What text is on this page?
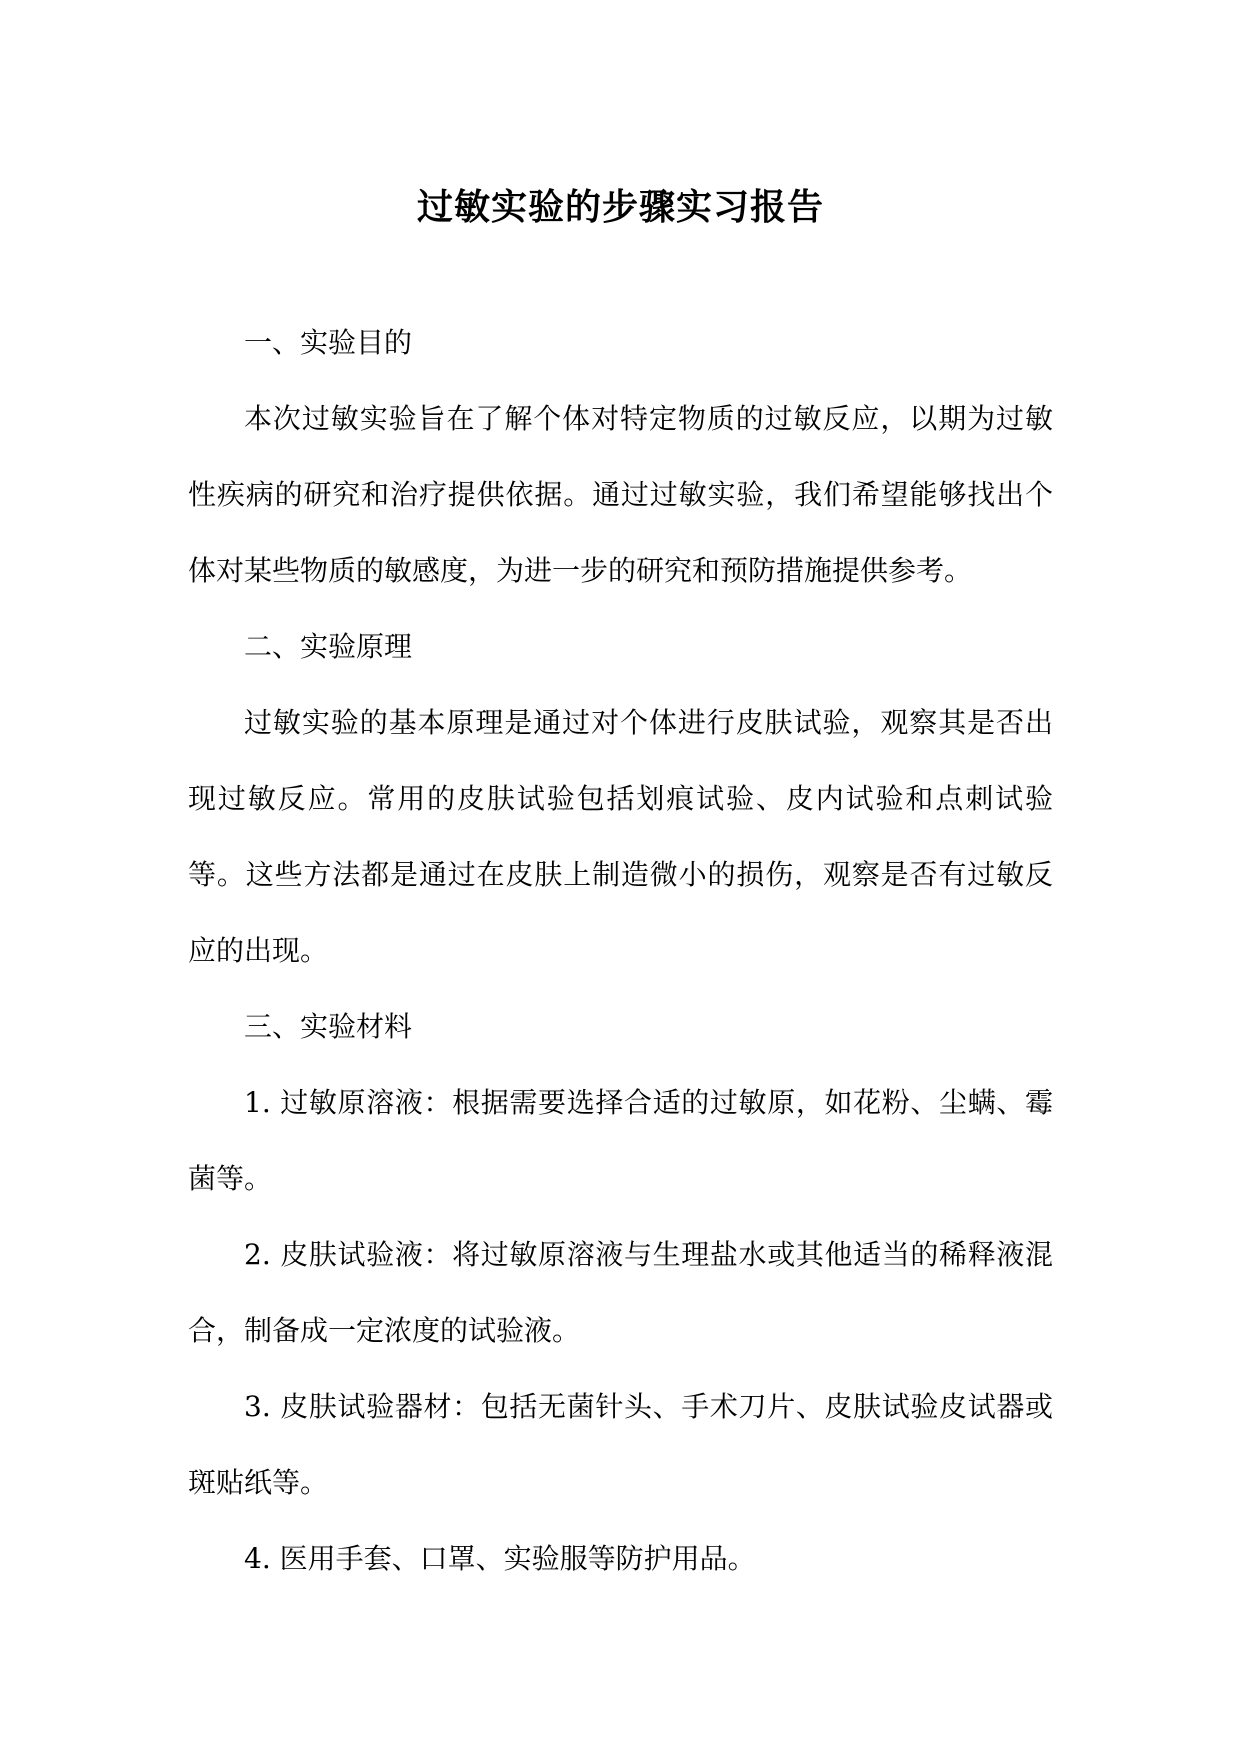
过敏实验的步骤实习报告

一、实验目的

本次过敏实验旨在了解个体对特定物质的过敏反应，以期为过敏性疾病的研究和治疗提供依据。通过过敏实验，我们希望能够找出个体对某些物质的敏感度，为进一步的研究和预防措施提供参考。

二、实验原理

过敏实验的基本原理是通过对个体进行皮肤试验，观察其是否出现过敏反应。常用的皮肤试验包括划痕试验、皮内试验和点刺试验等。这些方法都是通过在皮肤上制造微小的损伤，观察是否有过敏反应的出现。

三、实验材料

1. 过敏原溶液：根据需要选择合适的过敏原，如花粉、尘螨、霉菌等。

2. 皮肤试验液：将过敏原溶液与生理盐水或其他适当的稀释液混合，制备成一定浓度的试验液。

3. 皮肤试验器材：包括无菌针头、手术刀片、皮肤试验皮试器或斑贴纸等。

4. 医用手套、口罩、实验服等防护用品。
